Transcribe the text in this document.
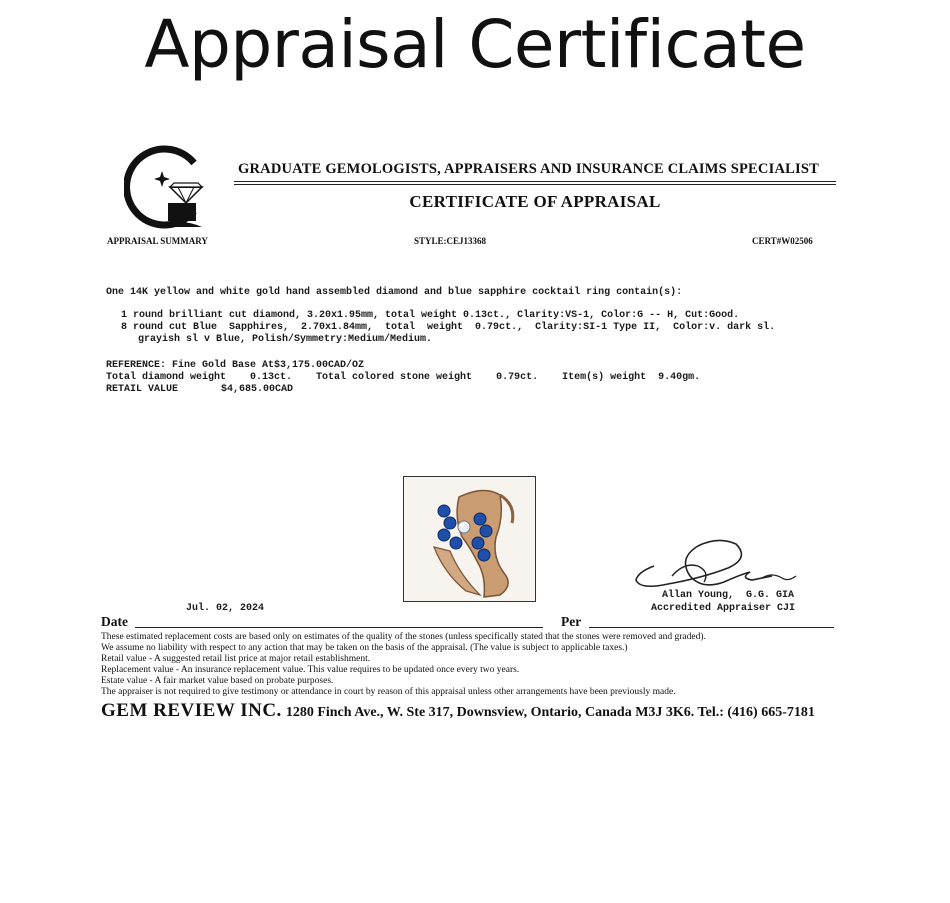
Appraisal Certificate
GRADUATE GEMOLOGISTS, APPRAISERS AND INSURANCE CLAIMS SPECIALIST
CERTIFICATE OF APPRAISAL
APPRAISAL SUMMARY	STYLE:CEJ13368	CERT#W02506
One 14K yellow and white gold hand assembled diamond and blue sapphire cocktail ring contain(s):
1 round brilliant cut diamond, 3.20x1.95mm, total weight 0.13ct., Clarity:VS-1, Color:G -- H, Cut:Good.
8 round cut Blue  Sapphires,  2.70x1.84mm,  total  weight  0.79ct.,  Clarity:SI-1 Type II,  Color:v. dark sl.
grayish sl v Blue, Polish/Symmetry:Medium/Medium.
REFERENCE: Fine Gold Base At$3,175.00CAD/OZ
Total diamond weight    0.13ct.    Total colored stone weight    0.79ct.    Item(s) weight  9.40gm.
RETAIL VALUE	$4,685.00CAD
Allan Young,  G.G. GIA
Accredited Appraiser CJI
Date
Jul. 02, 2024
Per
These estimated replacement costs are based only on estimates of the quality of the stones (unless specifically stated that the stones were removed and graded).
We assume no liability with respect to any action that may be taken on the basis of the appraisal. (The value is subject to applicable taxes.)
Retail value - A suggested retail list price at major retail establishment.
Replacement value - An insurance replacement value. This value requires to be updated once every two years.
Estate value - A fair market value based on probate purposes.
The appraiser is not required to give testimony or attendance in court by reason of this appraisal unless other arrangements have been previously made.
GEM REVIEW INC. 1280 Finch Ave., W. Ste 317, Downsview, Ontario, Canada M3J 3K6. Tel.: (416) 665-7181
